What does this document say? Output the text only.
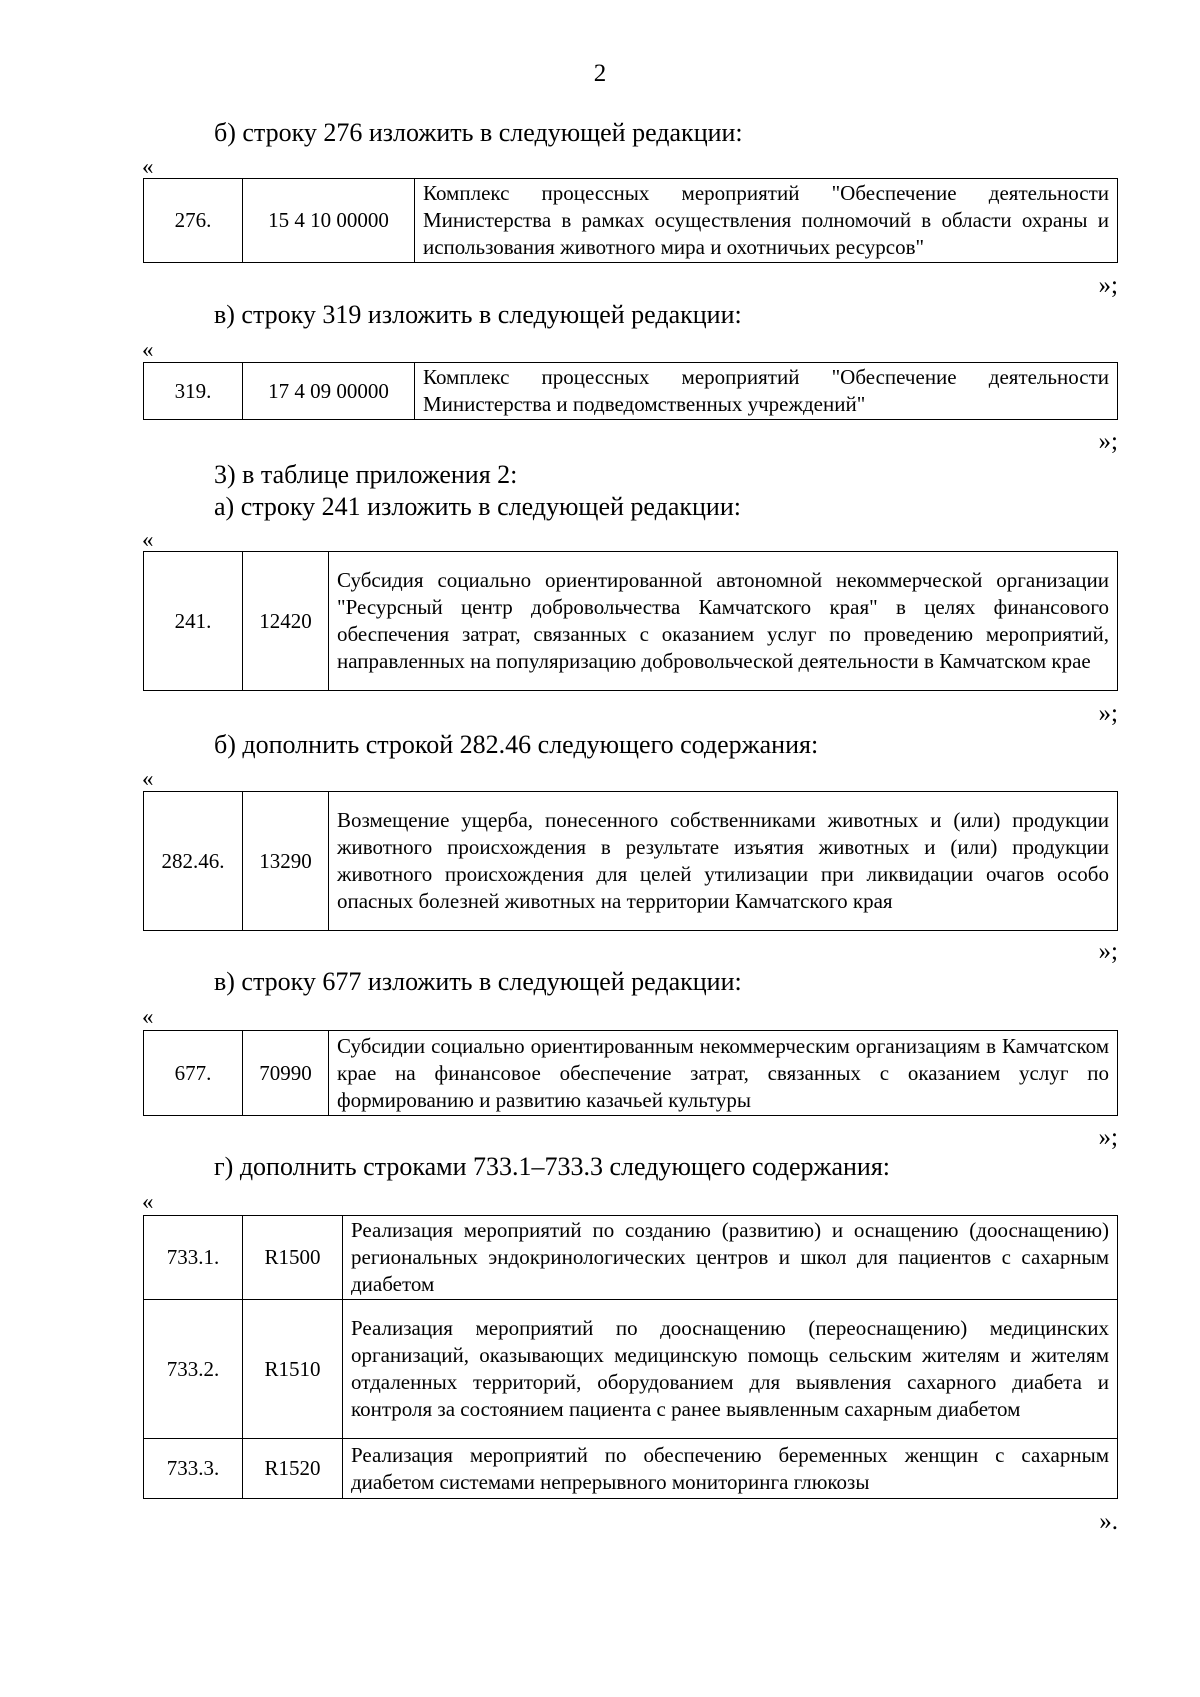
2
б) строку 276 изложить в следующей редакции:
«
276.	15 4 10 00000	Комплекс процессных мероприятий "Обеспечение деятельности Министерства в рамках осуществления полномочий в области охраны и использования животного мира и охотничьих ресурсов"
»;
в) строку 319 изложить в следующей редакции:
«
319.	17 4 09 00000	Комплекс процессных мероприятий "Обеспечение деятельности Министерства и подведомственных учреждений"
»;
3) в таблице приложения 2:
а) строку 241 изложить в следующей редакции:
«
241.	12420	Субсидия социально ориентированной автономной некоммерческой организации "Ресурсный центр добровольчества Камчатского края" в целях финансового обеспечения затрат, связанных с оказанием услуг по проведению мероприятий, направленных на популяризацию добровольческой деятельности в Камчатском крае
»;
б) дополнить строкой 282.46 следующего содержания:
«
282.46.	13290	Возмещение ущерба, понесенного собственниками животных и (или) продукции животного происхождения в результате изъятия животных и (или) продукции животного происхождения для целей утилизации при ликвидации очагов особо опасных болезней животных на территории Камчатского края
»;
в) строку 677 изложить в следующей редакции:
«
677.	70990	Субсидии социально ориентированным некоммерческим организациям в Камчатском крае на финансовое обеспечение затрат, связанных с оказанием услуг по формированию и развитию казачьей культуры
»;
г) дополнить строками 733.1–733.3 следующего содержания:
«
733.1.	R1500	Реализация мероприятий по созданию (развитию) и оснащению (дооснащению) региональных эндокринологических центров и школ для пациентов с сахарным диабетом
733.2.	R1510	Реализация мероприятий по дооснащению (переоснащению) медицинских организаций, оказывающих медицинскую помощь сельским жителям и жителям отдаленных территорий, оборудованием для выявления сахарного диабета и контроля за состоянием пациента с ранее выявленным сахарным диабетом
733.3.	R1520	Реализация мероприятий по обеспечению беременных женщин с сахарным диабетом системами непрерывного мониторинга глюкозы
».
